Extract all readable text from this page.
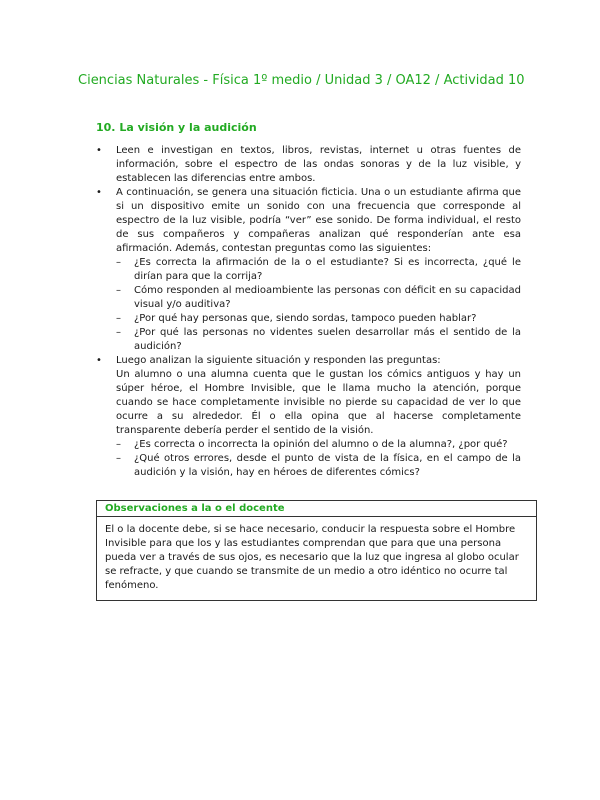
Ciencias Naturales - Física 1º medio / Unidad 3 / OA12 / Actividad 10
10. La visión y la audición
• Leen e investigan en textos, libros, revistas, internet u otras fuentes de información, sobre el espectro de las ondas sonoras y de la luz visible, y establecen las diferencias entre ambos.
• A continuación, se genera una situación ficticia. Una o un estudiante afirma que si un dispositivo emite un sonido con una frecuencia que corresponde al espectro de la luz visible, podría “ver” ese sonido. De forma individual, el resto de sus compañeros y compañeras analizan qué responderían ante esa afirmación. Además, contestan preguntas como las siguientes:
– ¿Es correcta la afirmación de la o el estudiante? Si es incorrecta, ¿qué le dirían para que la corrija?
– Cómo responden al medioambiente las personas con déficit en su capacidad visual y/o auditiva?
– ¿Por qué hay personas que, siendo sordas, tampoco pueden hablar?
– ¿Por qué las personas no videntes suelen desarrollar más el sentido de la audición?
• Luego analizan la siguiente situación y responden las preguntas:
Un alumno o una alumna cuenta que le gustan los cómics antiguos y hay un súper héroe, el Hombre Invisible, que le llama mucho la atención, porque cuando se hace completamente invisible no pierde su capacidad de ver lo que ocurre a su alrededor. Él o ella opina que al hacerse completamente transparente debería perder el sentido de la visión.
– ¿Es correcta o incorrecta la opinión del alumno o de la alumna?, ¿por qué?
– ¿Qué otros errores, desde el punto de vista de la física, en el campo de la audición y la visión, hay en héroes de diferentes cómics?
Observaciones a la o el docente
El o la docente debe, si se hace necesario, conducir la respuesta sobre el Hombre Invisible para que los y las estudiantes comprendan que para que una persona pueda ver a través de sus ojos, es necesario que la luz que ingresa al globo ocular se refracte, y que cuando se transmite de un medio a otro idéntico no ocurre tal fenómeno.
